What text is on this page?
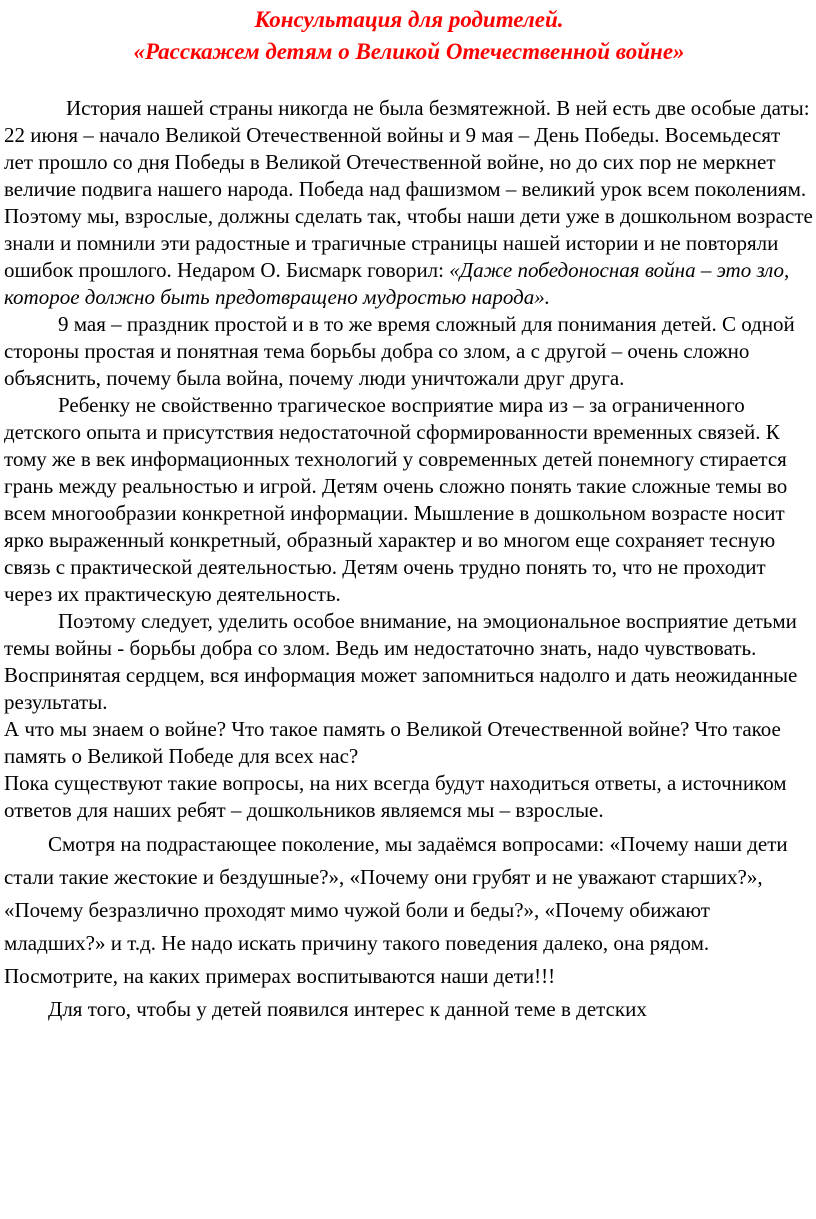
Консультация для родителей.
«Расскажем детям о Великой Отечественной войне»

История нашей страны никогда не была безмятежной. В ней есть две особые даты: 22 июня – начало Великой Отечественной войны и 9 мая – День Победы. Восемьдесят лет прошло со дня Победы в Великой Отечественной войне, но до сих пор не меркнет величие подвига нашего народа. Победа над фашизмом – великий урок всем поколениям. Поэтому мы, взрослые, должны сделать так, чтобы наши дети уже в дошкольном возрасте знали и помнили эти радостные и трагичные страницы нашей истории и не повторяли ошибок прошлого. Недаром О. Бисмарк говорил: «Даже победоносная война – это зло, которое должно быть предотвращено мудростью народа».

9 мая – праздник простой и в то же время сложный для понимания детей. С одной стороны простая и понятная тема борьбы добра со злом, а с другой – очень сложно объяснить, почему была война, почему люди уничтожали друг друга.

Ребенку не свойственно трагическое восприятие мира из – за ограниченного детского опыта и присутствия недостаточной сформированности временных связей. К тому же в век информационных технологий у современных детей понемногу стирается грань между реальностью и игрой. Детям очень сложно понять такие сложные темы во всем многообразии конкретной информации. Мышление в дошкольном возрасте носит ярко выраженный конкретный, образный характер и во многом еще сохраняет тесную связь с практической деятельностью. Детям очень трудно понять то, что не проходит через их практическую деятельность.

Поэтому следует, уделить особое внимание, на эмоциональное восприятие детьми темы войны - борьбы добра со злом. Ведь им недостаточно знать, надо чувствовать. Воспринятая сердцем, вся информация может запомниться надолго и дать неожиданные результаты.

А что мы знаем о войне? Что такое память о Великой Отечественной войне? Что такое память о Великой Победе для всех нас?

Пока существуют такие вопросы, на них всегда будут находиться ответы, а источником ответов для наших ребят – дошкольников являемся мы – взрослые.

Смотря на подрастающее поколение, мы задаёмся вопросами: «Почему наши дети стали такие жестокие и бездушные?», «Почему они грубят и не уважают старших?», «Почему безразлично проходят мимо чужой боли и беды?», «Почему обижают младших?» и т.д. Не надо искать причину такого поведения далеко, она рядом. Посмотрите, на каких примерах воспитываются наши дети!!!

Для того, чтобы у детей появился интерес к данной теме в детских
